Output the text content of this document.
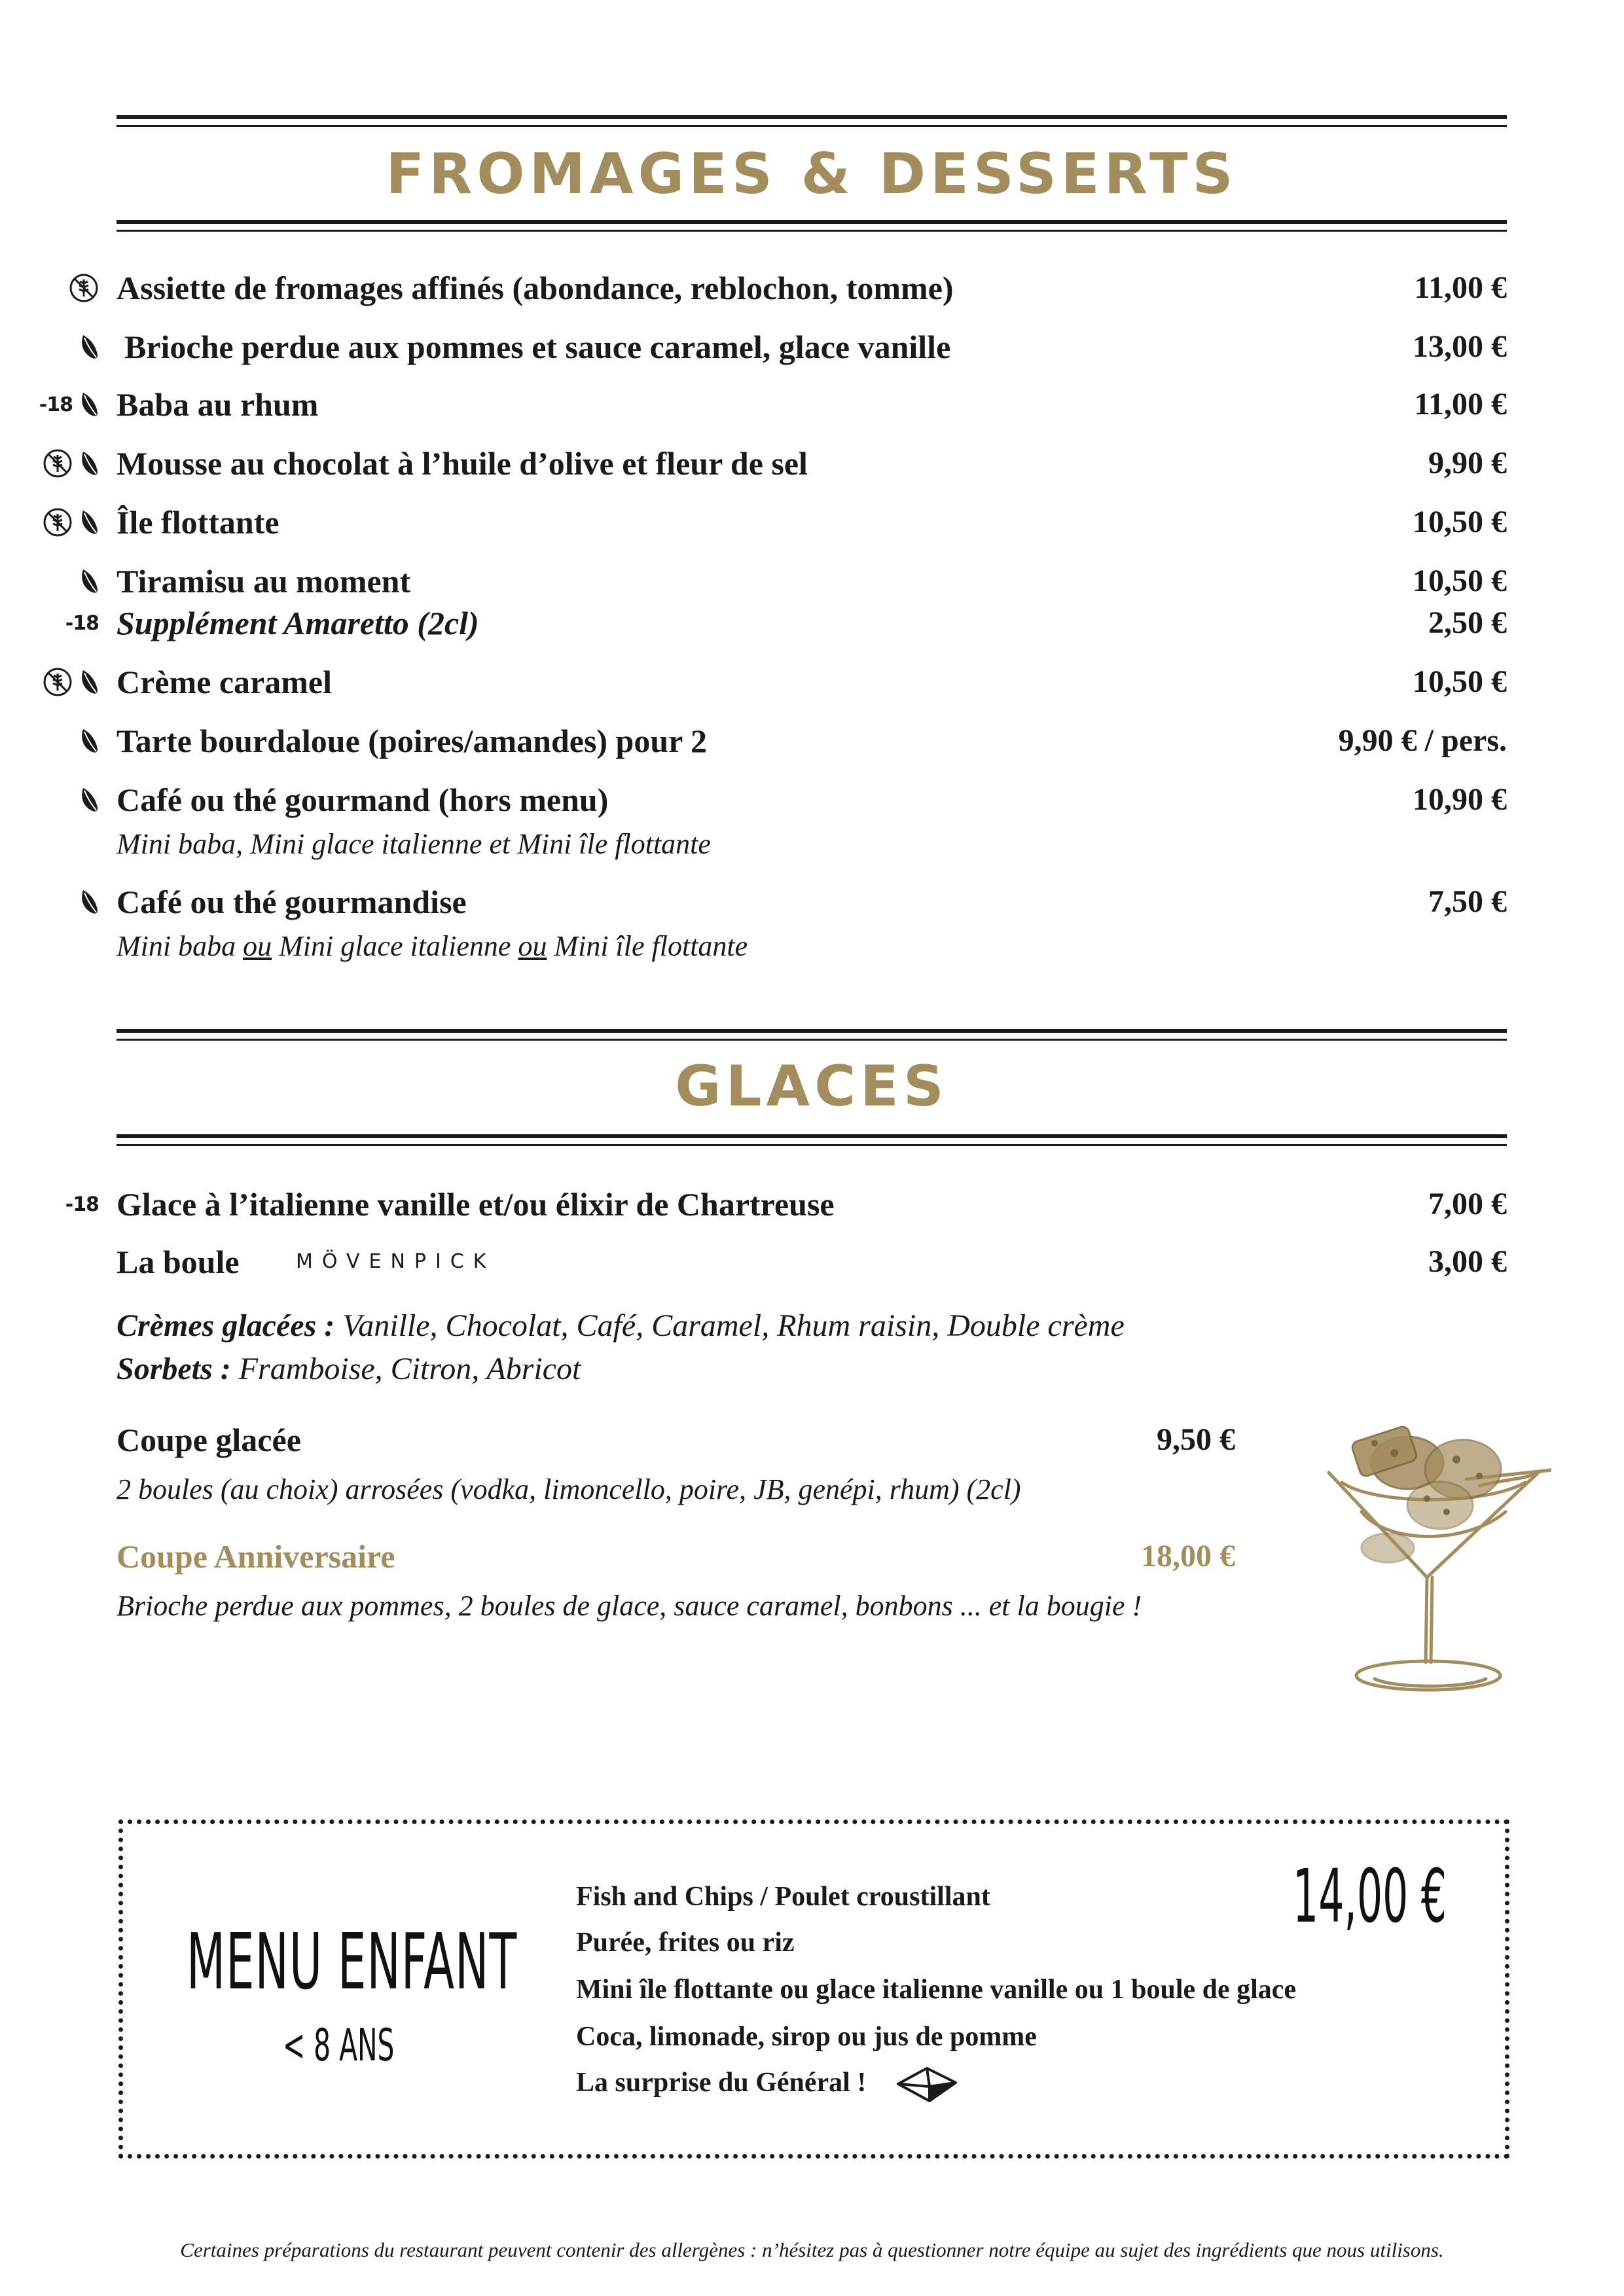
FROMAGES & DESSERTS
Assiette de fromages affinés (abondance, reblochon, tomme)	11,00 €
Brioche perdue aux pommes et sauce caramel, glace vanille	13,00 €
-18 Baba au rhum	11,00 €
Mousse au chocolat à l’huile d’olive et fleur de sel	9,90 €
Île flottante	10,50 €
Tiramisu au moment	10,50 €
-18 Supplément Amaretto (2cl)	2,50 €
Crème caramel	10,50 €
Tarte bourdaloue (poires/amandes) pour 2	9,90 € / pers.
Café ou thé gourmand (hors menu)	10,90 €
Mini baba, Mini glace italienne et Mini île flottante
Café ou thé gourmandise	7,50 €
Mini baba ou Mini glace italienne ou Mini île flottante
GLACES
-18 Glace à l’italienne vanille et/ou élixir de Chartreuse	7,00 €
La boule	MÖVENPICK	3,00 €
Crèmes glacées : Vanille, Chocolat, Café, Caramel, Rhum raisin, Double crème
Sorbets : Framboise, Citron, Abricot
Coupe glacée	9,50 €
2 boules (au choix) arrosées (vodka, limoncello, poire, JB, genépi, rhum) (2cl)
Coupe Anniversaire	18,00 €
Brioche perdue aux pommes, 2 boules de glace, sauce caramel, bonbons ... et la bougie !
MENU ENFANT
< 8 ANS
14,00 €
Fish and Chips / Poulet croustillant
Purée, frites ou riz
Mini île flottante ou glace italienne vanille ou 1 boule de glace
Coca, limonade, sirop ou jus de pomme
La surprise du Général !
Certaines préparations du restaurant peuvent contenir des allergènes : n’hésitez pas à questionner notre équipe au sujet des ingrédients que nous utilisons.
